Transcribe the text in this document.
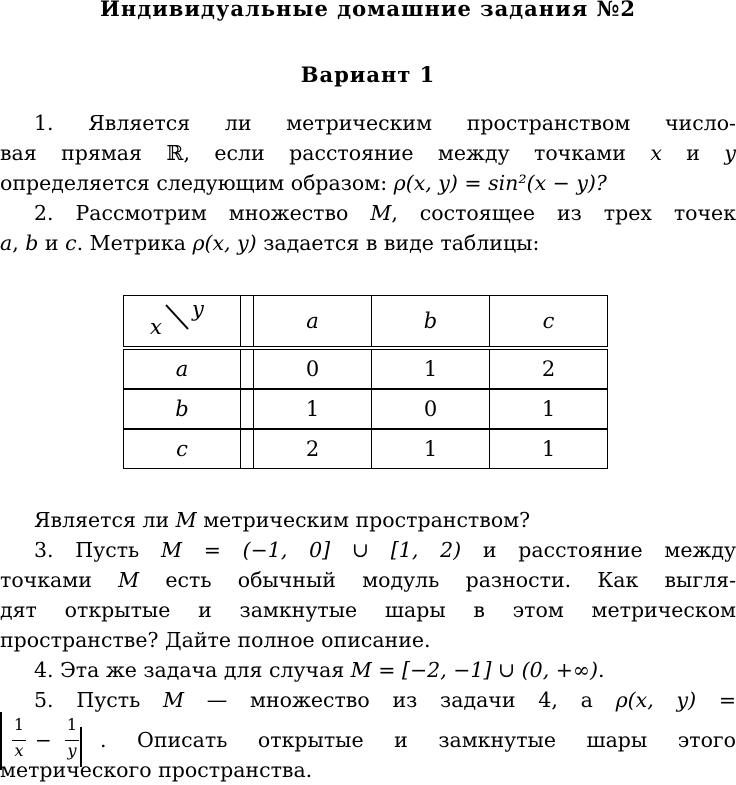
Индивидуальные домашние задания №2
Вариант 1
1. Является ли метрическим пространством число-
вая прямая ℝ, если расстояние между точками x и y
определяется следующим образом: ρ(x, y) = sin²(x − y)?
2. Рассмотрим множество M, состоящее из трех точек
a, b и c. Метрика ρ(x, y) задается в виде таблицы:
x
y		a	b	c
a		0	1	2
b		1	0	1
c		2	1	1
Является ли M метрическим пространством?
3. Пусть M = (−1, 0] ∪ [1, 2) и расстояние между
точками M есть обычный модуль разности. Как выгля-
дят открытые и замкнутые шары в этом метрическом
пространстве? Дайте полное описание.
4. Эта же задача для случая M = [−2, −1] ∪ (0, +∞).
5. Пусть M — множество из задачи 4, а ρ(x, y) =
1
x −
1
y . Описать открытые и замкнутые шары этого
метрического пространства.
